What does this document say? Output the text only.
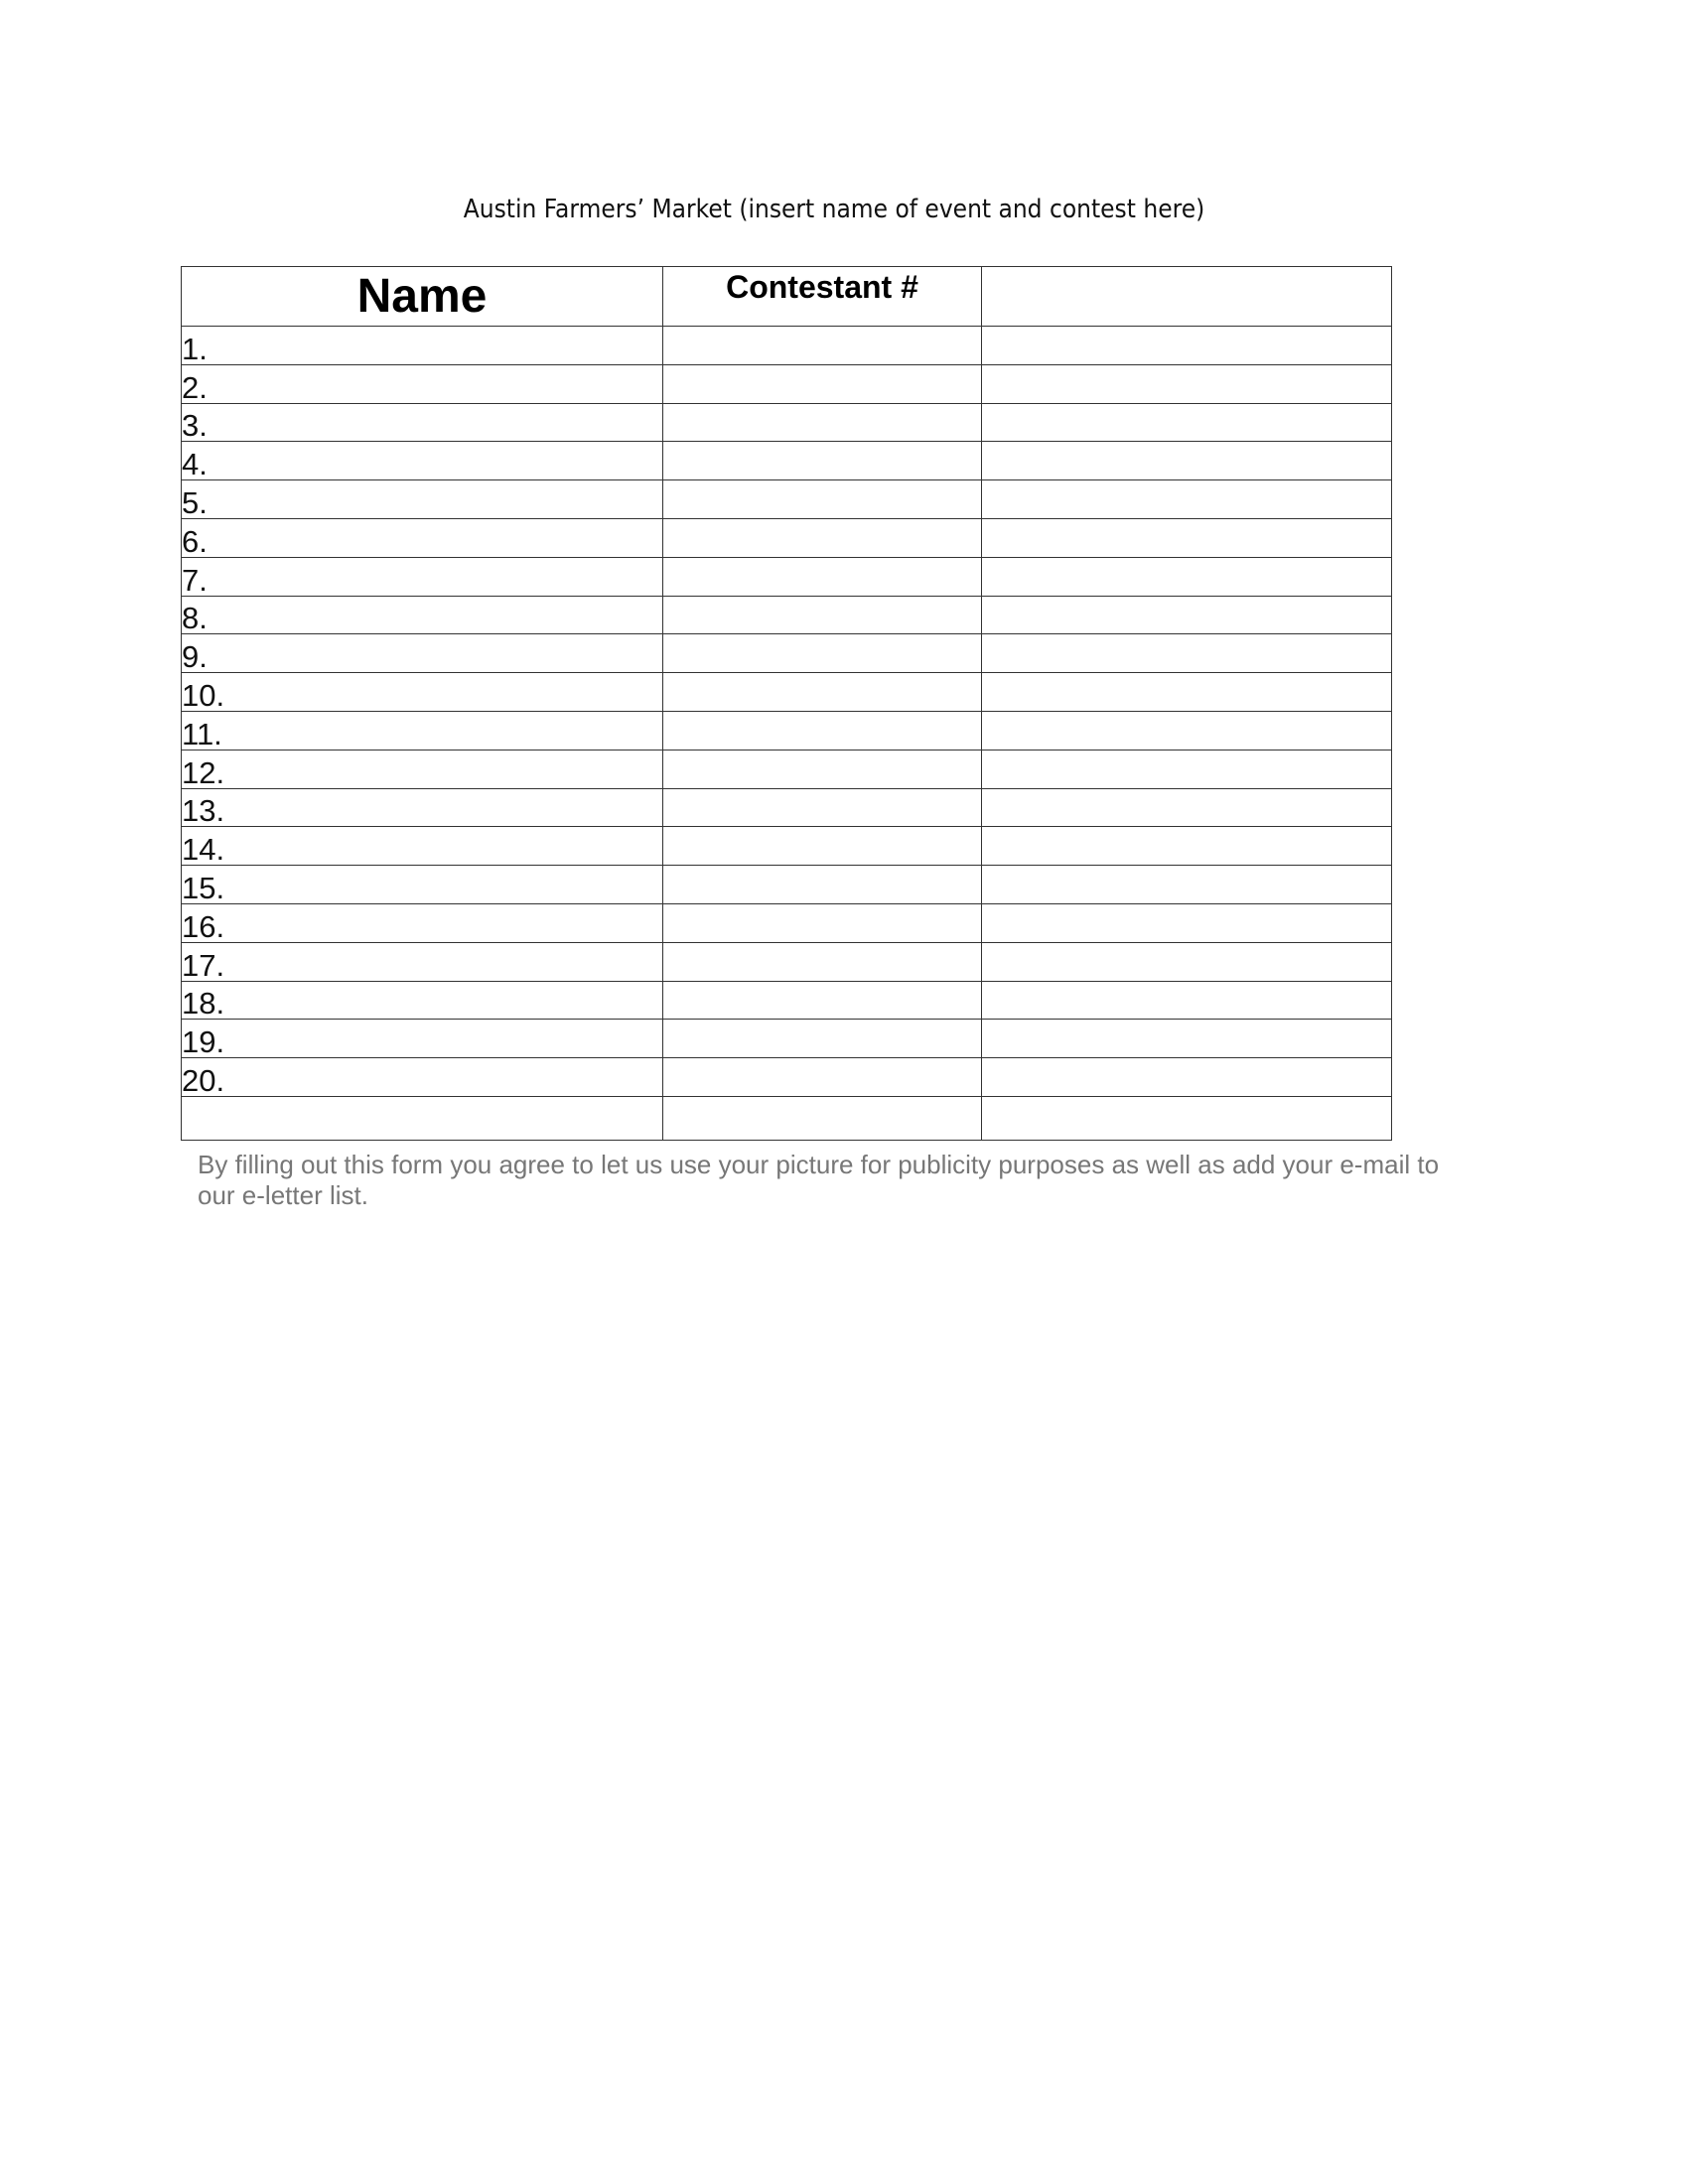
Austin Farmers’ Market (insert name of event and contest here)
Name	Contestant #	
1.		
2.		
3.		
4.		
5.		
6.		
7.		
8.		
9.		
10.		
11.		
12.		
13.		
14.		
15.		
16.		
17.		
18.		
19.		
20.		

By filling out this form you agree to let us use your picture for publicity purposes as well as add your e-mail to our e-letter list.
